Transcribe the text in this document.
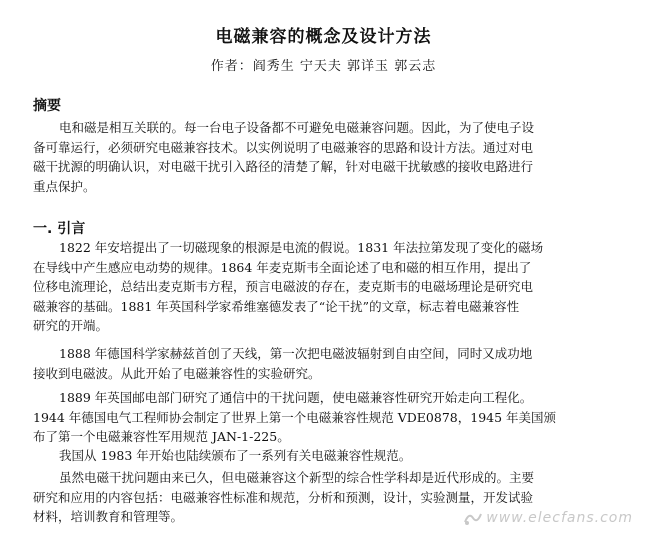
电磁兼容的概念及设计方法
作者：阎秀生 宁天夫 郭详玉 郭云志
摘要

电和磁是相互关联的。每一台电子设备都不可避免电磁兼容问题。因此，为了使电子设
备可靠运行，必须研究电磁兼容技术。以实例说明了电磁兼容的思路和设计方法。通过对电
磁干扰源的明确认识，对电磁干扰引入路径的清楚了解，针对电磁干扰敏感的接收电路进行
重点保护。

一. 引言

1822 年安培提出了一切磁现象的根源是电流的假说。1831 年法拉第发现了变化的磁场
在导线中产生感应电动势的规律。1864 年麦克斯韦全面论述了电和磁的相互作用，提出了
位移电流理论，总结出麦克斯韦方程，预言电磁波的存在，麦克斯韦的电磁场理论是研究电
磁兼容的基础。1881 年英国科学家希维塞德发表了“论干扰”的文章，标志着电磁兼容性
研究的开端。

1888 年德国科学家赫兹首创了天线，第一次把电磁波辐射到自由空间，同时又成功地
接收到电磁波。从此开始了电磁兼容性的实验研究。

1889 年英国邮电部门研究了通信中的干扰问题，使电磁兼容性研究开始走向工程化。
1944 年德国电气工程师协会制定了世界上第一个电磁兼容性规范 VDE0878，1945 年美国颁
布了第一个电磁兼容性军用规范 JAN-1-225。

我国从 1983 年开始也陆续颁布了一系列有关电磁兼容性规范。

虽然电磁干扰问题由来已久，但电磁兼容这个新型的综合性学科却是近代形成的。主要
研究和应用的内容包括：电磁兼容性标准和规范，分析和预测，设计，实验测量，开发试验
材料，培训教育和管理等。	www.elecfans.com
